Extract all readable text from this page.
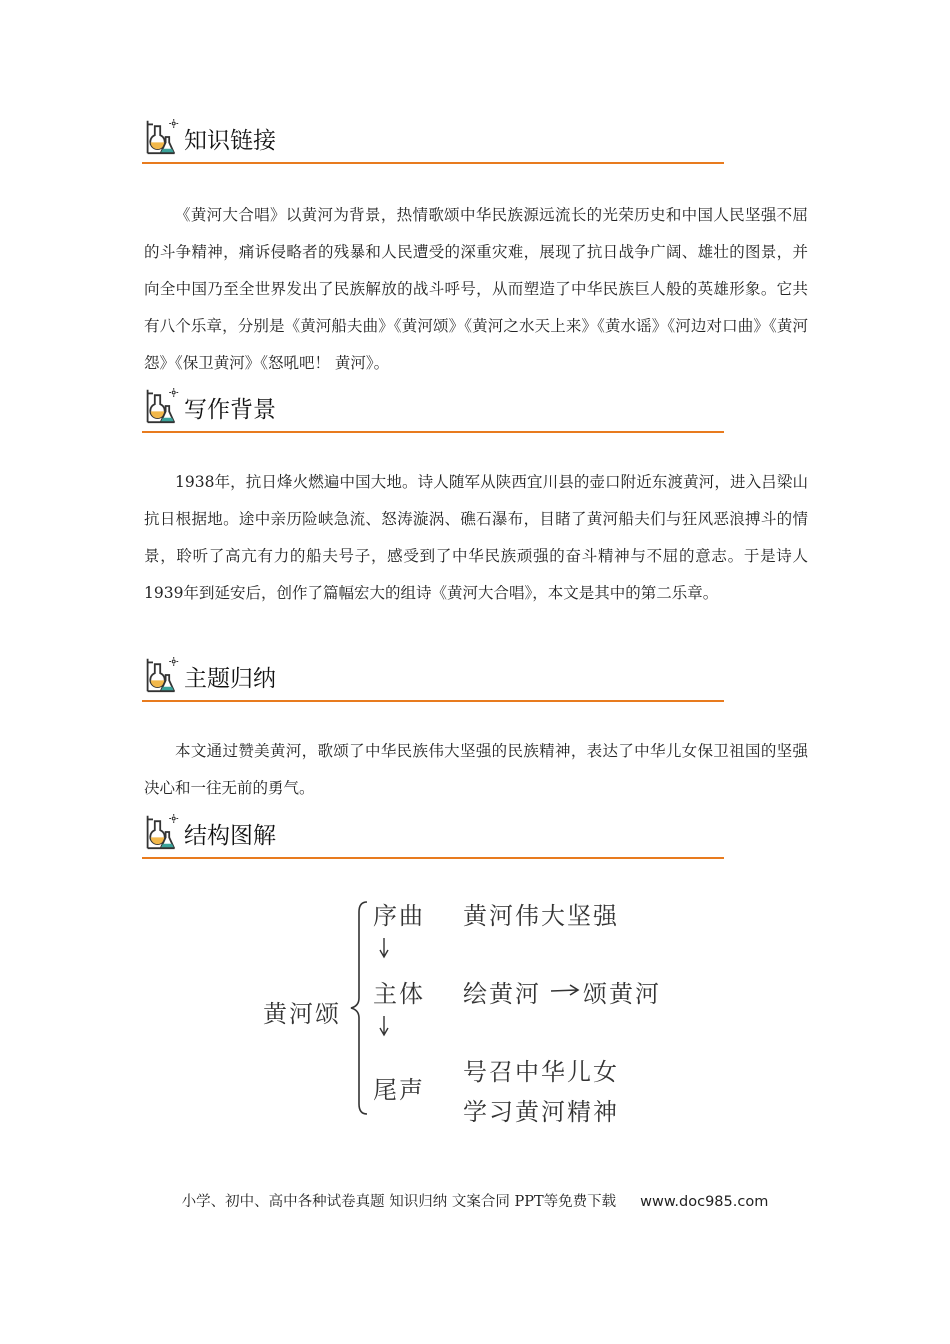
知识链接

《黄河大合唱》以黄河为背景，热情歌颂中华民族源远流长的光荣历史和中国人民坚强不屈的斗争精神，痛诉侵略者的残暴和人民遭受的深重灾难，展现了抗日战争广阔、雄壮的图景，并向全中国乃至全世界发出了民族解放的战斗呼号，从而塑造了中华民族巨人般的英雄形象。它共有八个乐章，分别是《黄河船夫曲》《黄河颂》《黄河之水天上来》《黄水谣》《河边对口曲》《黄河怨》《保卫黄河》《怒吼吧！ 黄河》。

写作背景

1938年，抗日烽火燃遍中国大地。诗人随军从陕西宜川县的壶口附近东渡黄河，进入吕梁山抗日根据地。途中亲历险峡急流、怒涛漩涡、礁石瀑布，目睹了黄河船夫们与狂风恶浪搏斗的情景，聆听了高亢有力的船夫号子，感受到了中华民族顽强的奋斗精神与不屈的意志。于是诗人 1939年到延安后，创作了篇幅宏大的组诗《黄河大合唱》，本文是其中的第二乐章。

主题归纳

本文通过赞美黄河，歌颂了中华民族伟大坚强的民族精神，表达了中华儿女保卫祖国的坚强决心和一往无前的勇气。

结构图解
黄河颂
序曲 黄河伟大坚强
主体 绘黄河 颂黄河
尾声
号召中华儿女
学习黄河精神
小学、初中、高中各种试卷真题 知识归纳 文案合同 PPT等免费下载 www.doc985.com
